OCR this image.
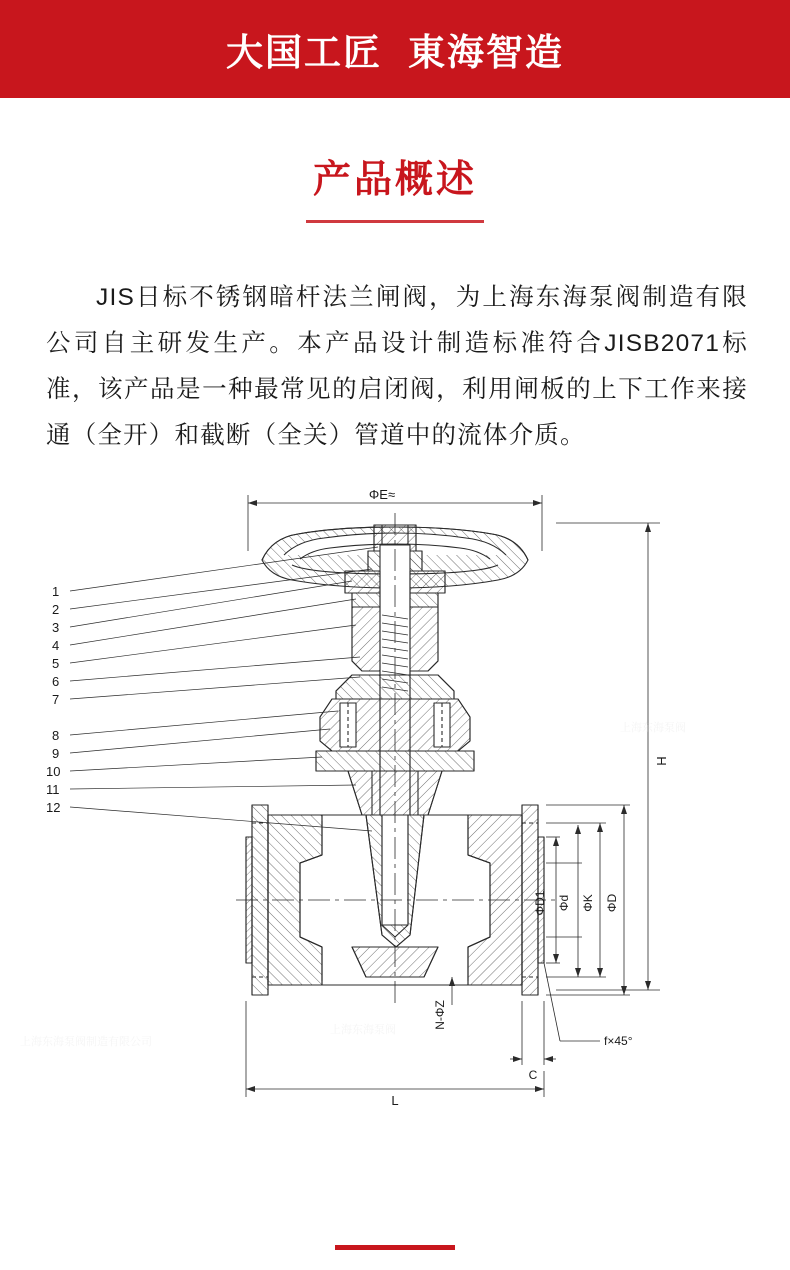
大国工匠 東海智造
产品概述
JIS日标不锈钢暗杆法兰闸阀，为上海东海泵阀制造有限公司自主研发生产。本产品设计制造标准符合JISB2071标准，该产品是一种最常见的启闭阀，利用闸板的上下工作来接通（全开）和截断（全关）管道中的流体介质。
ΦE≈
H
ΦD1 Φd ΦK ΦD
N-ΦZ
f×45°
C
L
1
2
3
4
5
6
7
8
9
10
11
12
上海东海泵阀制造有限公司
上海东海泵阀
上海东海泵阀
